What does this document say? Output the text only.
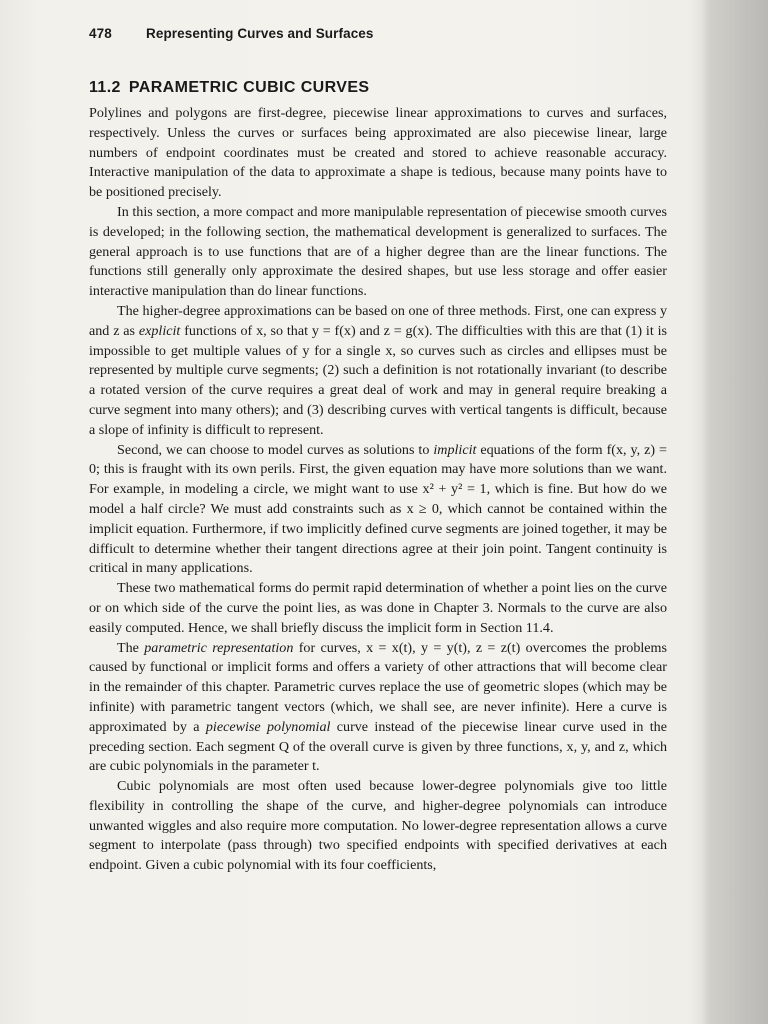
478	Representing Curves and Surfaces
11.2 PARAMETRIC CUBIC CURVES

Polylines and polygons are first-degree, piecewise linear approximations to curves and surfaces, respectively. Unless the curves or surfaces being approximated are also piecewise linear, large numbers of endpoint coordinates must be created and stored to achieve reasonable accuracy. Interactive manipulation of the data to approximate a shape is tedious, because many points have to be positioned precisely.

In this section, a more compact and more manipulable representation of piecewise smooth curves is developed; in the following section, the mathematical development is generalized to surfaces. The general approach is to use functions that are of a higher degree than are the linear functions. The functions still generally only approximate the desired shapes, but use less storage and offer easier interactive manipulation than do linear functions.

The higher-degree approximations can be based on one of three methods. First, one can express y and z as explicit functions of x, so that y = f(x) and z = g(x). The difficulties with this are that (1) it is impossible to get multiple values of y for a single x, so curves such as circles and ellipses must be represented by multiple curve segments; (2) such a definition is not rotationally invariant (to describe a rotated version of the curve requires a great deal of work and may in general require breaking a curve segment into many others); and (3) describing curves with vertical tangents is difficult, because a slope of infinity is difficult to represent.

Second, we can choose to model curves as solutions to implicit equations of the form f(x, y, z) = 0; this is fraught with its own perils. First, the given equation may have more solutions than we want. For example, in modeling a circle, we might want to use x² + y² = 1, which is fine. But how do we model a half circle? We must add constraints such as x ≥ 0, which cannot be contained within the implicit equation. Furthermore, if two implicitly defined curve segments are joined together, it may be difficult to determine whether their tangent directions agree at their join point. Tangent continuity is critical in many applications.

These two mathematical forms do permit rapid determination of whether a point lies on the curve or on which side of the curve the point lies, as was done in Chapter 3. Normals to the curve are also easily computed. Hence, we shall briefly discuss the implicit form in Section 11.4.

The parametric representation for curves, x = x(t), y = y(t), z = z(t) overcomes the problems caused by functional or implicit forms and offers a variety of other attractions that will become clear in the remainder of this chapter. Parametric curves replace the use of geometric slopes (which may be infinite) with parametric tangent vectors (which, we shall see, are never infinite). Here a curve is approximated by a piecewise polynomial curve instead of the piecewise linear curve used in the preceding section. Each segment Q of the overall curve is given by three functions, x, y, and z, which are cubic polynomials in the parameter t.

Cubic polynomials are most often used because lower-degree polynomials give too little flexibility in controlling the shape of the curve, and higher-degree polynomials can introduce unwanted wiggles and also require more computation. No lower-degree representation allows a curve segment to interpolate (pass through) two specified endpoints with specified derivatives at each endpoint. Given a cubic polynomial with its four coefficients,
